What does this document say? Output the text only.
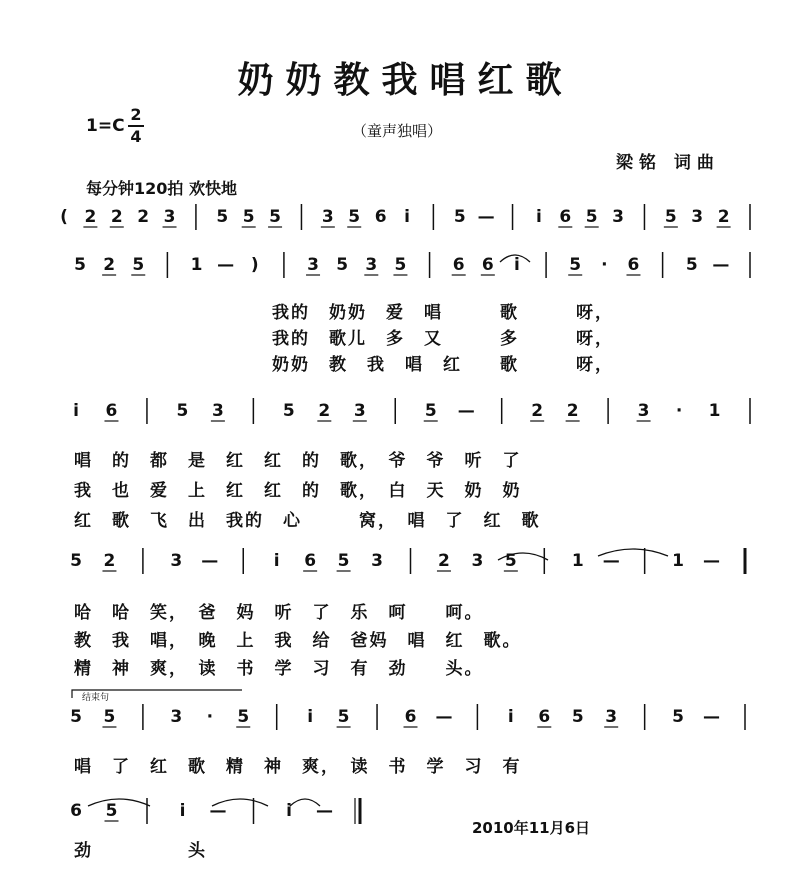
奶奶教我唱红歌
1=C
2
4	（童声独唱）
梁铭 词曲
每分钟120拍 欢快地
( 2 2 2 3 5 5 5 3 5 6 i	5 — i 6 5 3 5 3 2
5 2 5	1 — )	3 5 3 5	6 6 i	5 · 6	5 —
i 6	5 3	5 2 3	5 —	2 2	3 · 1
5 2	3 —	i 6 5 3	2 3 5	1 —	1 —
5 5	3 · 5	i 5	6 —	i 6 5 3	5 —
6 5	i —	i —
我的　奶奶　爱　唱　　　歌　　　呀，
我的　歌儿　多　又　　　多　　　呀，
奶奶　教　我　唱　红　　歌　　　呀，
唱　的　都　是　红　红　的　歌，　爷　爷　听　了
我　也　爱　上　红　红　的　歌，　白　天　奶　奶
红　歌　飞　出　我的　心　　　窝，　唱　了　红　歌
哈　哈　笑，　爸　妈　听　了　乐　呵　　呵。
教　我　唱，　晚　上　我　给　爸妈　唱　红　歌。
精　神　爽，　读　书　学　习　有　劲　　头。
结束句
唱　了　红　歌　精　神　爽，　读　书　学　习　有
劲　　　　　头
2010年11月6日
